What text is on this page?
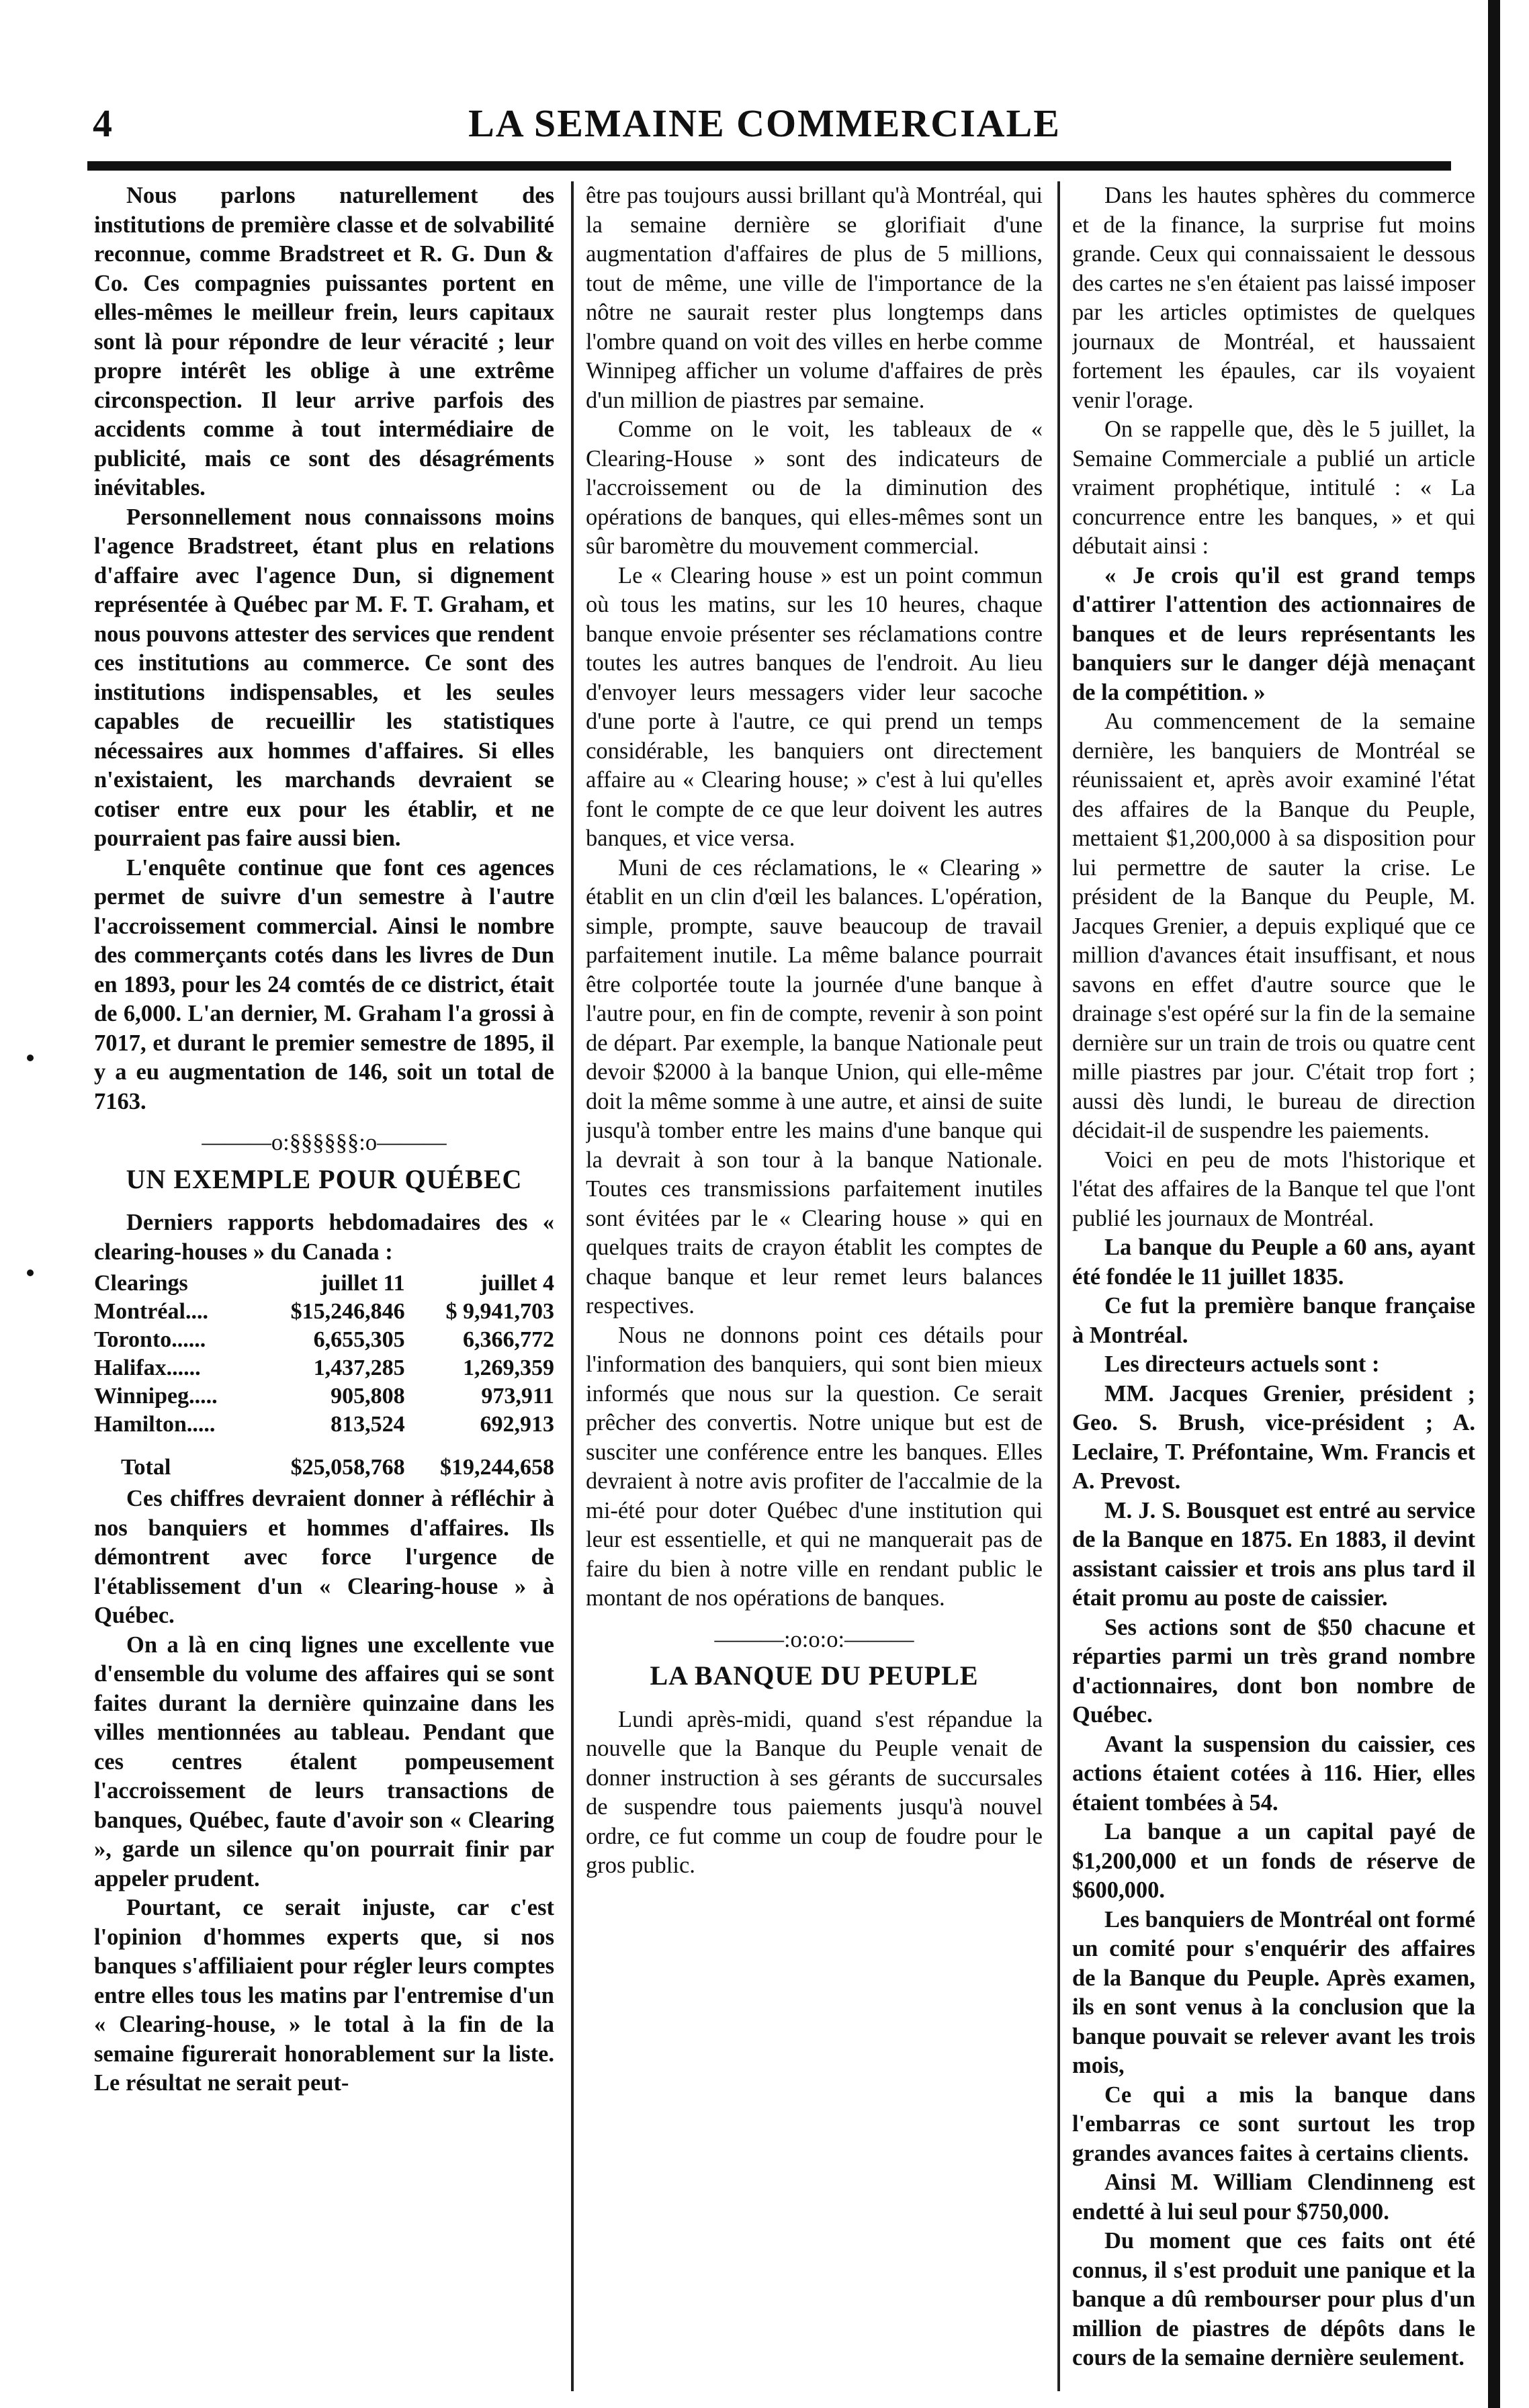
4	LA SEMAINE COMMERCIALE

Nous parlons naturellement des institutions de première classe et de solvabilité reconnue, comme Bradstreet et R. G. Dun & Co. Ces compagnies puissantes portent en elles-mêmes le meilleur frein, leurs capitaux sont là pour répondre de leur véracité ; leur propre intérêt les oblige à une extrême circonspection. Il leur arrive parfois des accidents comme à tout intermédiaire de publicité, mais ce sont des désagréments inévitables.

Personnellement nous connaissons moins l'agence Bradstreet, étant plus en relations d'affaire avec l'agence Dun, si dignement représentée à Québec par M. F. T. Graham, et nous pouvons attester des services que rendent ces institutions au commerce. Ce sont des institutions indispensables, et les seules capables de recueillir les statistiques nécessaires aux hommes d'affaires. Si elles n'existaient, les marchands devraient se cotiser entre eux pour les établir, et ne pourraient pas faire aussi bien.

L'enquête continue que font ces agences permet de suivre d'un semestre à l'autre l'accroissement commercial. Ainsi le nombre des commerçants cotés dans les livres de Dun en 1893, pour les 24 comtés de ce district, était de 6,000. L'an dernier, M. Graham l'a grossi à 7017, et durant le premier semestre de 1895, il y a eu augmentation de 146, soit un total de 7163.

———o:§§§§§§:o———

UN EXEMPLE POUR QUÉBEC

Derniers rapports hebdomadaires des « clearing-houses » du Canada :

Clearings	juillet 11	juillet 4
Montréal....	$15,246,846	$ 9,941,703
Toronto......	6,655,305	6,366,772
Halifax......	1,437,285	1,269,359
Winnipeg.....	905,808	973,911
Hamilton.....	813,524	692,913
Total	$25,058,768	$19,244,658

Ces chiffres devraient donner à réfléchir à nos banquiers et hommes d'affaires. Ils démontrent avec force l'urgence de l'établissement d'un « Clearing-house » à Québec.

On a là en cinq lignes une excellente vue d'ensemble du volume des affaires qui se sont faites durant la dernière quinzaine dans les villes mentionnées au tableau. Pendant que ces centres étalent pompeusement l'accroissement de leurs transactions de banques, Québec, faute d'avoir son « Clearing », garde un silence qu'on pourrait finir par appeler prudent.

Pourtant, ce serait injuste, car c'est l'opinion d'hommes experts que, si nos banques s'affiliaient pour régler leurs comptes entre elles tous les matins par l'entremise d'un « Clearing-house, » le total à la fin de la semaine figurerait honorablement sur la liste. Le résultat ne serait peut-

être pas toujours aussi brillant qu'à Montréal, qui la semaine dernière se glorifiait d'une augmentation d'affaires de plus de 5 millions, tout de même, une ville de l'importance de la nôtre ne saurait rester plus longtemps dans l'ombre quand on voit des villes en herbe comme Winnipeg afficher un volume d'affaires de près d'un million de piastres par semaine.

Comme on le voit, les tableaux de « Clearing-House » sont des indicateurs de l'accroissement ou de la diminution des opérations de banques, qui elles-mêmes sont un sûr baromètre du mouvement commercial.

Le « Clearing house » est un point commun où tous les matins, sur les 10 heures, chaque banque envoie présenter ses réclamations contre toutes les autres banques de l'endroit. Au lieu d'envoyer leurs messagers vider leur sacoche d'une porte à l'autre, ce qui prend un temps considérable, les banquiers ont directement affaire au « Clearing house; » c'est à lui qu'elles font le compte de ce que leur doivent les autres banques, et vice versa.

Muni de ces réclamations, le « Clearing » établit en un clin d'œil les balances. L'opération, simple, prompte, sauve beaucoup de travail parfaitement inutile. La même balance pourrait être colportée toute la journée d'une banque à l'autre pour, en fin de compte, revenir à son point de départ. Par exemple, la banque Nationale peut devoir $2000 à la banque Union, qui elle-même doit la même somme à une autre, et ainsi de suite jusqu'à tomber entre les mains d'une banque qui la devrait à son tour à la banque Nationale. Toutes ces transmissions parfaitement inutiles sont évitées par le « Clearing house » qui en quelques traits de crayon établit les comptes de chaque banque et leur remet leurs balances respectives.

Nous ne donnons point ces détails pour l'information des banquiers, qui sont bien mieux informés que nous sur la question. Ce serait prêcher des convertis. Notre unique but est de susciter une conférence entre les banques. Elles devraient à notre avis profiter de l'accalmie de la mi-été pour doter Québec d'une institution qui leur est essentielle, et qui ne manquerait pas de faire du bien à notre ville en rendant public le montant de nos opérations de banques.

———:o:o:o:———

LA BANQUE DU PEUPLE

Lundi après-midi, quand s'est répandue la nouvelle que la Banque du Peuple venait de donner instruction à ses gérants de succursales de suspendre tous paiements jusqu'à nouvel ordre, ce fut comme un coup de foudre pour le gros public.

Dans les hautes sphères du commerce et de la finance, la surprise fut moins grande. Ceux qui connaissaient le dessous des cartes ne s'en étaient pas laissé imposer par les articles optimistes de quelques journaux de Montréal, et haussaient fortement les épaules, car ils voyaient venir l'orage.

On se rappelle que, dès le 5 juillet, la Semaine Commerciale a publié un article vraiment prophétique, intitulé : « La concurrence entre les banques, » et qui débutait ainsi :

« Je crois qu'il est grand temps d'attirer l'attention des actionnaires de banques et de leurs représentants les banquiers sur le danger déjà menaçant de la compétition. »

Au commencement de la semaine dernière, les banquiers de Montréal se réunissaient et, après avoir examiné l'état des affaires de la Banque du Peuple, mettaient $1,200,000 à sa disposition pour lui permettre de sauter la crise. Le président de la Banque du Peuple, M. Jacques Grenier, a depuis expliqué que ce million d'avances était insuffisant, et nous savons en effet d'autre source que le drainage s'est opéré sur la fin de la semaine dernière sur un train de trois ou quatre cent mille piastres par jour. C'était trop fort ; aussi dès lundi, le bureau de direction décidait-il de suspendre les paiements.

Voici en peu de mots l'historique et l'état des affaires de la Banque tel que l'ont publié les journaux de Montréal.

La banque du Peuple a 60 ans, ayant été fondée le 11 juillet 1835.

Ce fut la première banque française à Montréal.

Les directeurs actuels sont :

MM. Jacques Grenier, président ; Geo. S. Brush, vice-président ; A. Leclaire, T. Préfontaine, Wm. Francis et A. Prevost.

M. J. S. Bousquet est entré au service de la Banque en 1875. En 1883, il devint assistant caissier et trois ans plus tard il était promu au poste de caissier.

Ses actions sont de $50 chacune et réparties parmi un très grand nombre d'actionnaires, dont bon nombre de Québec.

Avant la suspension du caissier, ces actions étaient cotées à 116. Hier, elles étaient tombées à 54.

La banque a un capital payé de $1,200,000 et un fonds de réserve de $600,000.

Les banquiers de Montréal ont formé un comité pour s'enquérir des affaires de la Banque du Peuple. Après examen, ils en sont venus à la conclusion que la banque pouvait se relever avant les trois mois,

Ce qui a mis la banque dans l'embarras ce sont surtout les trop grandes avances faites à certains clients.

Ainsi M. William Clendinneng est endetté à lui seul pour $750,000.

Du moment que ces faits ont été connus, il s'est produit une panique et la banque a dû rembourser pour plus d'un million de piastres de dépôts dans le cours de la semaine dernière seulement.
